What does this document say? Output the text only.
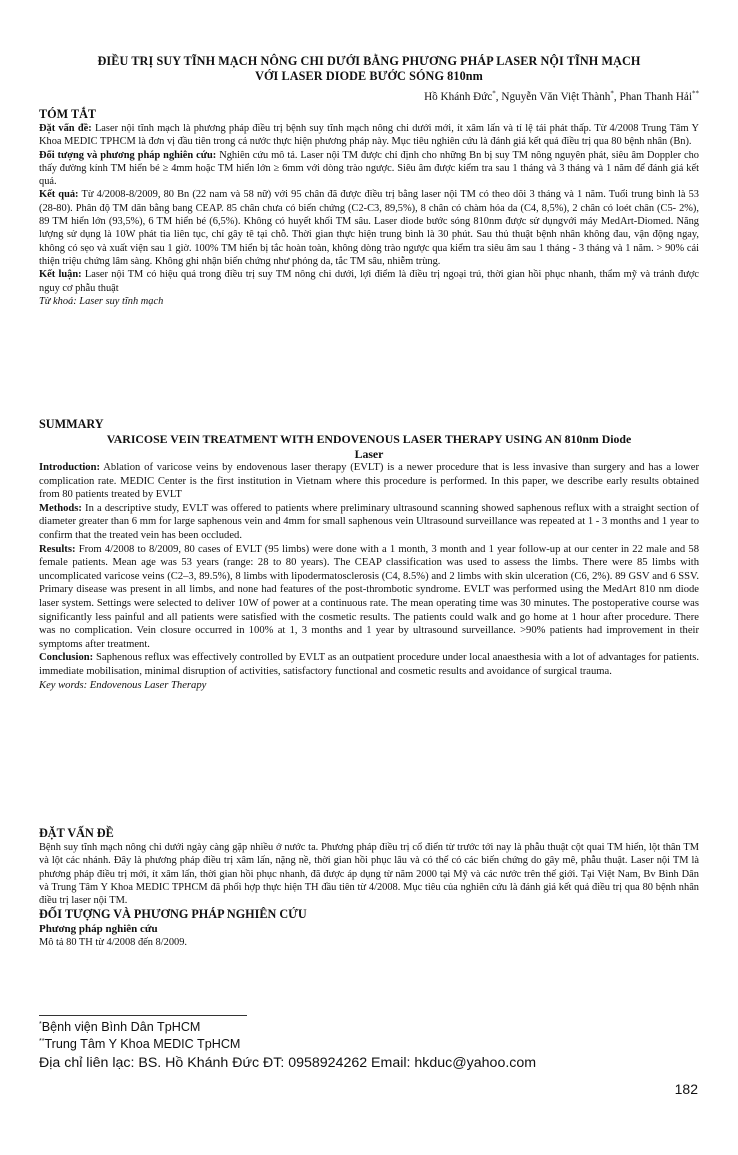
ĐIỀU TRỊ SUY TĨNH MẠCH NÔNG CHI DƯỚI BẰNG PHƯƠNG PHÁP LASER NỘI TĨNH MẠCH
VỚI LASER DIODE BƯỚC SÓNG 810nm
Hồ Khánh Đức*, Nguyễn Văn Việt Thành*, Phan Thanh Hải**
TÓM TẮT

Đặt vấn đề: Laser nội tĩnh mạch là phương pháp điều trị bệnh suy tĩnh mạch nông chi dưới mới, ít xâm lấn và tỉ lệ tái phát thấp. Từ 4/2008 Trung Tâm Y Khoa MEDIC TPHCM là đơn vị đầu tiên trong cả nước thực hiện phương pháp này. Mục tiêu nghiên cứu là đánh giá kết quả điều trị qua 80 bệnh nhân (Bn).

Đối tượng và phương pháp nghiên cứu: Nghiên cứu mô tả. Laser nội TM được chỉ định cho những Bn bị suy TM nông nguyên phát, siêu âm Doppler cho thấy đường kính TM hiển bé ≥ 4mm hoặc TM hiển lớn ≥ 6mm với dòng trào ngược. Siêu âm được kiểm tra sau 1 tháng và 3 tháng và 1 năm để đánh giá kết quả.

Kết quả: Từ 4/2008-8/2009, 80 Bn (22 nam và 58 nữ) với 95 chân đã được điều trị bằng laser nội TM có theo dõi 3 tháng và 1 năm. Tuổi trung bình là 53 (28-80). Phân độ TM dãn bằng bang CEAP. 85 chân chưa có biến chứng (C2-C3, 89,5%), 8 chân có chàm hóa da (C4, 8,5%), 2 chân có loét chân (C5- 2%), 89 TM hiển lớn (93,5%), 6 TM hiển bé (6,5%). Không có huyết khối TM sâu. Laser diode bước sóng 810nm được sử dụngvới máy MedArt-Diomed. Năng lượng sử dụng là 10W phát tia liên tục, chỉ gây tê tại chỗ. Thời gian thực hiện trung bình là 30 phút. Sau thủ thuật bệnh nhân không đau, vận động ngay, không có sẹo và xuất viện sau 1 giờ. 100% TM hiển bị tắc hoàn toàn, không dòng trào ngược qua kiểm tra siêu âm sau 1 tháng - 3 tháng và 1 năm. > 90% cải thiện triệu chứng lâm sàng. Không ghi nhận biến chứng như phỏng da, tắc TM sâu, nhiễm trùng.

Kết luận: Laser nội TM có hiệu quả trong điều trị suy TM nông chi dưới, lợi điểm là điều trị ngoại trú, thời gian hồi phục nhanh, thẩm mỹ và tránh được nguy cơ phẫu thuật

Từ khoá: Laser suy tĩnh mạch

SUMMARY
VARICOSE VEIN TREATMENT WITH ENDOVENOUS LASER THERAPY USING AN 810nm Diode
Laser

Introduction: Ablation of varicose veins by endovenous laser therapy (EVLT) is a newer procedure that is less invasive than surgery and has a lower complication rate. MEDIC Center is the first institution in Vietnam where this procedure is performed. In this paper, we describe early results obtained from 80 patients treated by EVLT

Methods: In a descriptive study, EVLT was offered to patients where preliminary ultrasound scanning showed saphenous reflux with a straight section of diameter greater than 6 mm for large saphenous vein and 4mm for small saphenous vein Ultrasound surveillance was repeated at 1 - 3 months and 1 year to confirm that the treated vein has been occluded.

Results: From 4/2008 to 8/2009, 80 cases of EVLT (95 limbs) were done with a 1 month, 3 month and 1 year follow-up at our center in 22 male and 58 female patients. Mean age was 53 years (range: 28 to 80 years). The CEAP classification was used to assess the limbs. There were 85 limbs with uncomplicated varicose veins (C2–3, 89.5%), 8 limbs with lipodermatosclerosis (C4, 8.5%) and 2 limbs with skin ulceration (C6, 2%). 89 GSV and 6 SSV. Primary disease was present in all limbs, and none had features of the post-thrombotic syndrome. EVLT was performed using the MedArt 810 nm diode laser system. Settings were selected to deliver 10W of power at a continuous rate. The mean operating time was 30 minutes. The postoperative course was significantly less painful and all patients were satisfied with the cosmetic results. The patients could walk and go home at 1 hour after procedure. There was no complication. Vein closure occurred in 100% at 1, 3 months and 1 year by ultrasound surveillance. >90% patients had improvement in their symptoms after treatment.

Conclusion: Saphenous reflux was effectively controlled by EVLT as an outpatient procedure under local anaesthesia with a lot of advantages for patients. immediate mobilisation, minimal disruption of activities, satisfactory functional and cosmetic results and avoidance of surgical trauma.

Key words: Endovenous Laser Therapy

ĐẶT VẤN ĐỀ

Bệnh suy tĩnh mạch nông chi dưới ngày càng gặp nhiều ở nước ta. Phương pháp điều trị cổ điển từ trước tới nay là phẫu thuật cột quai TM hiển, lột thân TM và lột các nhánh. Đây là phương pháp điều trị xâm lấn, nặng nề, thời gian hồi phục lâu và có thể có các biến chứng do gây mê, phẫu thuật. Laser nội TM là phương pháp điều trị mới, ít xâm lấn, thời gian hồi phục nhanh, đã được áp dụng từ năm 2000 tại Mỹ và các nước trên thế giới. Tại Việt Nam, Bv Bình Dân và Trung Tâm Y Khoa MEDIC TPHCM đã phối hợp thực hiện TH đầu tiên từ 4/2008. Mục tiêu của nghiên cứu là đánh giá kết quả điều trị qua 80 bệnh nhân điều trị laser nội TM.

ĐỐI TƯỢNG VÀ PHƯƠNG PHÁP NGHIÊN CỨU
Phương pháp nghiên cứu

Mô tả 80 TH từ 4/2008 đến 8/2009.

*Bệnh viện Bình Dân TpHCM
**Trung Tâm Y Khoa MEDIC TpHCM
Địa chỉ liên lạc: BS. Hồ Khánh Đức ĐT: 0958924262 Email: hkduc@yahoo.com
182
